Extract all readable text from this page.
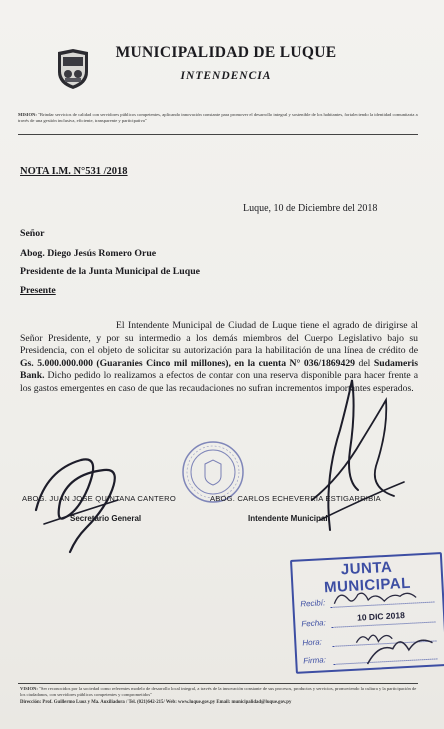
MUNICIPALIDAD DE LUQUE
INTENDENCIA
MISION: "Brindar servicios de calidad con servidores públicos competentes, aplicando innovación constante para promover el desarrollo integral y sostenible de los habitantes, fortaleciendo la identidad comunitaria a través de una gestión inclusiva, eficiente, transparente y participativa"
NOTA I.M. N°531 /2018
Luque, 10 de Diciembre del 2018
Señor
Abog. Diego Jesús Romero Orue
Presidente de la Junta Municipal de Luque
Presente

El Intendente Municipal de Ciudad de Luque tiene el agrado de dirigirse al Señor Presidente, y por su intermedio a los demás miembros del Cuerpo Legislativo bajo su Presidencia, con el objeto de solicitar su autorización para la habilitación de una línea de crédito de Gs. 5.000.000.000 (Guaranies Cinco mil millones), en la cuenta N° 036/1869429 del Sudameris Bank. Dicho pedido lo realizamos a efectos de contar con una reserva disponible para hacer frente a los gastos emergentes en caso de que las recaudaciones no sufran incrementos importantes esperados.

ABOG. JUAN JOSE QUINTANA CANTERO
Secretario General
ABOG. CARLOS ECHEVERRIA ESTIGARRIBIA
Intendente Municipal
JUNTA MUNICIPAL
Recibí:
Fecha:
Hora:
Firma:
10 DIC 2018
VISION: "Ser reconocidos por la sociedad como referentes modelo de desarrollo local integral, a través de la innovación constante de sus procesos, productos y servicios, promoviendo la cultura y la participación de los ciudadanos, con servidores públicos competentes y comprometidos"
Dirección: Prof. Guillermo Luoz y Ma. Auxiliadora / Tel. (021)642-215/ Web: www.luque.gov.py Email: municipalidad@luque.gov.py
